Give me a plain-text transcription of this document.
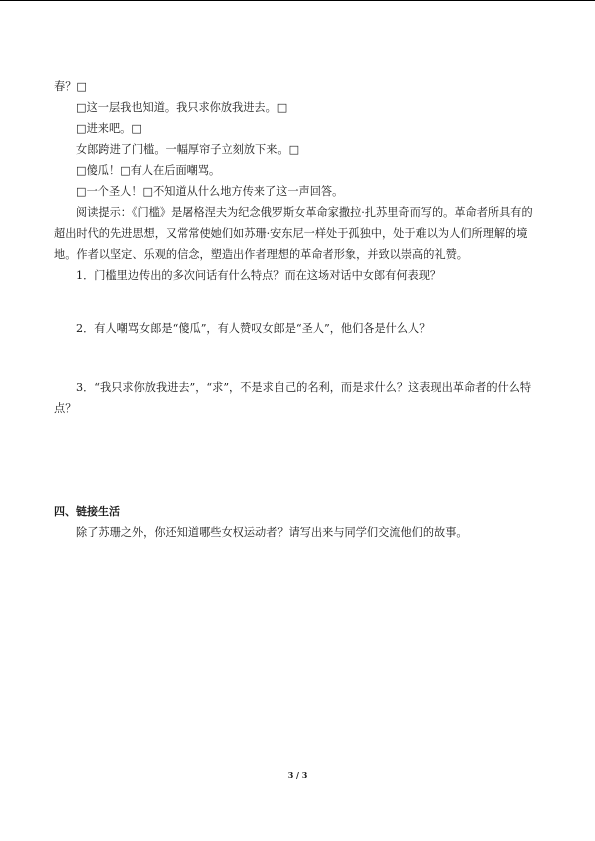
春？□

□这一层我也知道。我只求你放我进去。□

□进来吧。□

女郎跨进了门槛。一幅厚帘子立刻放下来。□

□傻瓜！□有人在后面嘲骂。

□一个圣人！□不知道从什么地方传来了这一声回答。

阅读提示：《门槛》是屠格涅夫为纪念俄罗斯女革命家撒拉·扎苏里奇而写的。革命者所具有的超出时代的先进思想，又常常使她们如苏珊·安东尼一样处于孤独中，处于难以为人们所理解的境地。作者以坚定、乐观的信念，塑造出作者理想的革命者形象，并致以崇高的礼赞。

1．门槛里边传出的多次问话有什么特点？而在这场对话中女郎有何表现？

2．有人嘲骂女郎是“傻瓜”，有人赞叹女郎是“圣人”，他们各是什么人？

3．“我只求你放我进去”，“求”，不是求自己的名利，而是求什么？这表现出革命者的什么特点？

四、链接生活

除了苏珊之外，你还知道哪些女权运动者？请写出来与同学们交流他们的故事。

3 / 3
